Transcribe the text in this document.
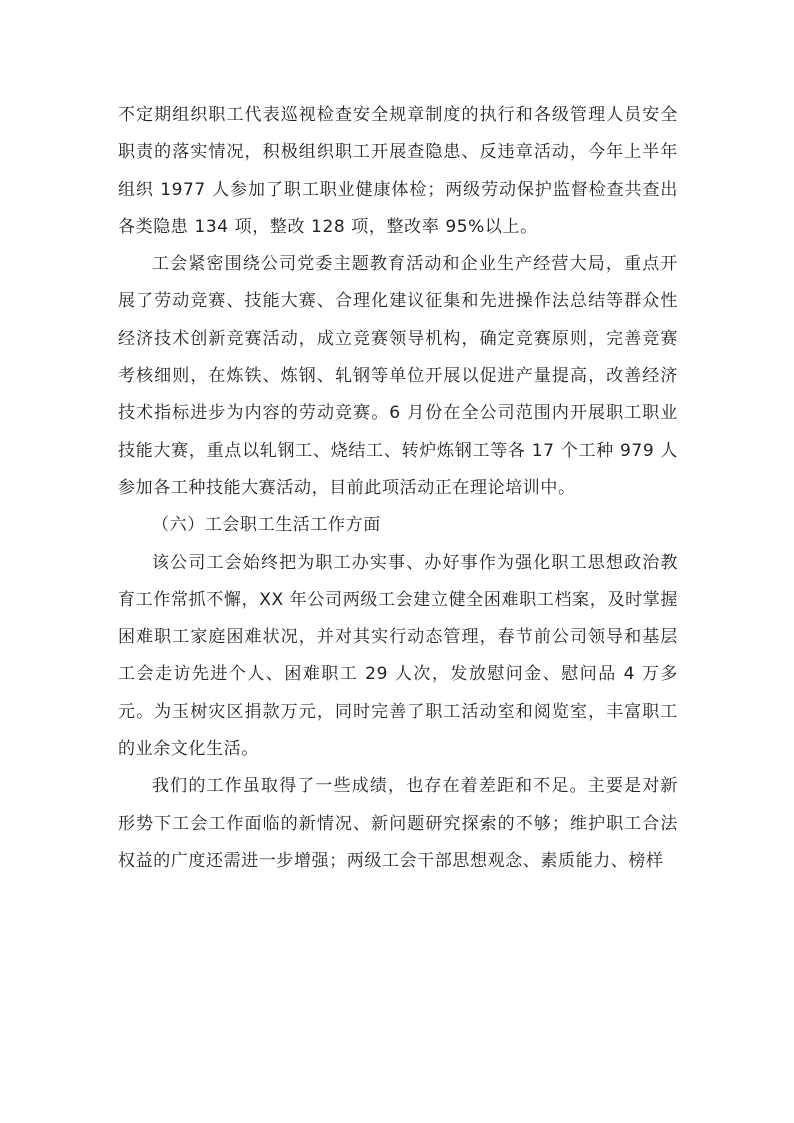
不定期组织职工代表巡视检查安全规章制度的执行和各级管理人员安全职责的落实情况，积极组织职工开展查隐患、反违章活动，今年上半年组织 1977 人参加了职工职业健康体检；两级劳动保护监督检查共查出各类隐患 134 项，整改 128 项，整改率 95%以上。

工会紧密围绕公司党委主题教育活动和企业生产经营大局，重点开展了劳动竞赛、技能大赛、合理化建议征集和先进操作法总结等群众性经济技术创新竞赛活动，成立竞赛领导机构，确定竞赛原则，完善竞赛考核细则，在炼铁、炼钢、轧钢等单位开展以促进产量提高，改善经济技术指标进步为内容的劳动竞赛。6 月份在全公司范围内开展职工职业技能大赛，重点以轧钢工、烧结工、转炉炼钢工等各 17 个工种 979 人参加各工种技能大赛活动，目前此项活动正在理论培训中。

（六）工会职工生活工作方面

该公司工会始终把为职工办实事、办好事作为强化职工思想政治教育工作常抓不懈，XX 年公司两级工会建立健全困难职工档案，及时掌握困难职工家庭困难状况，并对其实行动态管理，春节前公司领导和基层工会走访先进个人、困难职工 29 人次，发放慰问金、慰问品 4 万多元。为玉树灾区捐款万元，同时完善了职工活动室和阅览室，丰富职工的业余文化生活。

我们的工作虽取得了一些成绩，也存在着差距和不足。主要是对新形势下工会工作面临的新情况、新问题研究探索的不够；维护职工合法权益的广度还需进一步增强；两级工会干部思想观念、素质能力、榜样
